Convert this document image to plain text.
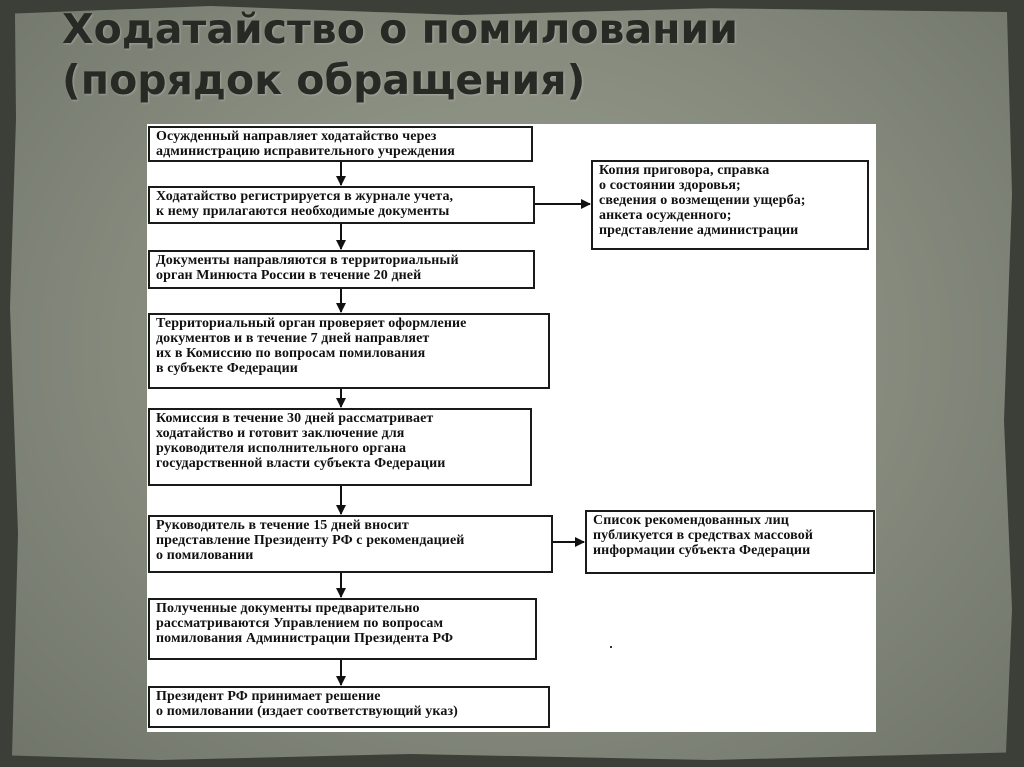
Ходатайство о помиловании
(порядок обращения)
Осужденный направляет ходатайство через
администрацию исправительного учреждения
Ходатайство регистрируется в журнале учета,
к нему прилагаются необходимые документы
Документы направляются в территориальный
орган Минюста России в течение 20 дней
Территориальный орган проверяет оформление
документов и в течение 7 дней направляет
их в Комиссию по вопросам помилования
в субъекте Федерации
Комиссия в течение 30 дней рассматривает
ходатайство и готовит заключение для
руководителя исполнительного органа
государственной власти субъекта Федерации
Руководитель в течение 15 дней вносит
представление Президенту РФ с рекомендацией
о помиловании
Полученные документы предварительно
рассматриваются Управлением по вопросам
помилования Администрации Президента РФ
Президент РФ принимает решение
о помиловании (издает соответствующий указ)
Копия приговора, справка
о состоянии здоровья;
сведения о возмещении ущерба;
анкета осужденного;
представление администрации
Список рекомендованных лиц
публикуется в средствах массовой
информации субъекта Федерации
